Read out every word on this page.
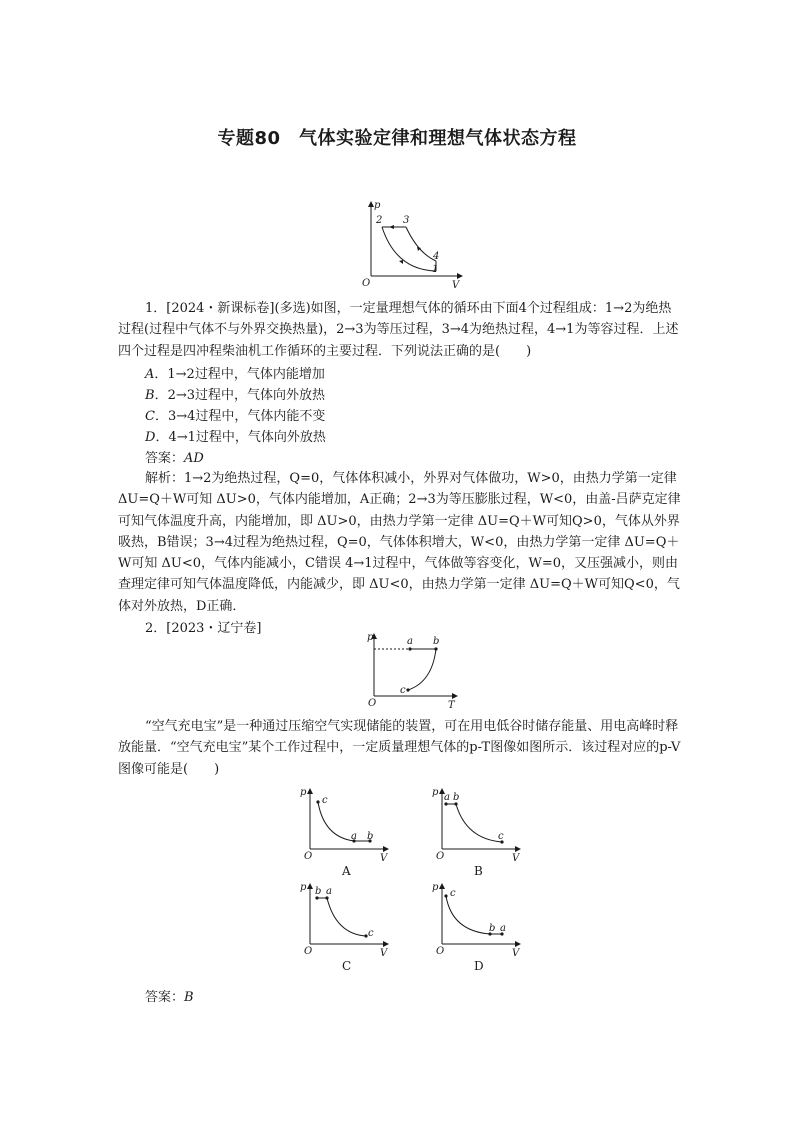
专题80　气体实验定律和理想气体状态方程
p
V
O
2 3
4
1
1．[2024・新课标卷](多选)如图，一定量理想气体的循环由下面4个过程组成：1→2为绝热过程(过程中气体不与外界交换热量)，2→3为等压过程，3→4为绝热过程，4→1为等容过程．上述四个过程是四冲程柴油机工作循环的主要过程．下列说法正确的是(　　)
A．1→2过程中，气体内能增加
B．2→3过程中，气体向外放热
C．3→4过程中，气体内能不变
D．4→1过程中，气体向外放热
答案：AD
解析：1→2为绝热过程，Q=0，气体体积减小，外界对气体做功，W>0，由热力学第一定律 ΔU=Q＋W可知 ΔU>0，气体内能增加，A正确；2→3为等压膨胀过程，W<0，由盖-吕萨克定律可知气体温度升高，内能增加，即 ΔU>0，由热力学第一定律 ΔU=Q＋W可知Q>0，气体从外界吸热，B错误；3→4过程为绝热过程，Q=0，气体体积增大，W<0，由热力学第一定律 ΔU=Q＋W可知 ΔU<0，气体内能减小，C错误 4→1过程中，气体做等容变化，W=0，又压强减小，则由查理定律可知气体温度降低，内能减少，即 ΔU<0，由热力学第一定律 ΔU=Q＋W可知Q<0，气体对外放热，D正确．
2．[2023・辽宁卷]
p
T
O
a b
c
“空气充电宝”是一种通过压缩空气实现储能的装置，可在用电低谷时储存能量、用电高峰时释放能量．“空气充电宝”某个工作过程中，一定质量理想气体的p-T图像如图所示．该过程对应的p-V图像可能是(　　)
p
V
O
c
a b
A
p
V
O
a b
c
B
p
V
O
b a
c
C
p
V
O
c
b a
D
答案：B
